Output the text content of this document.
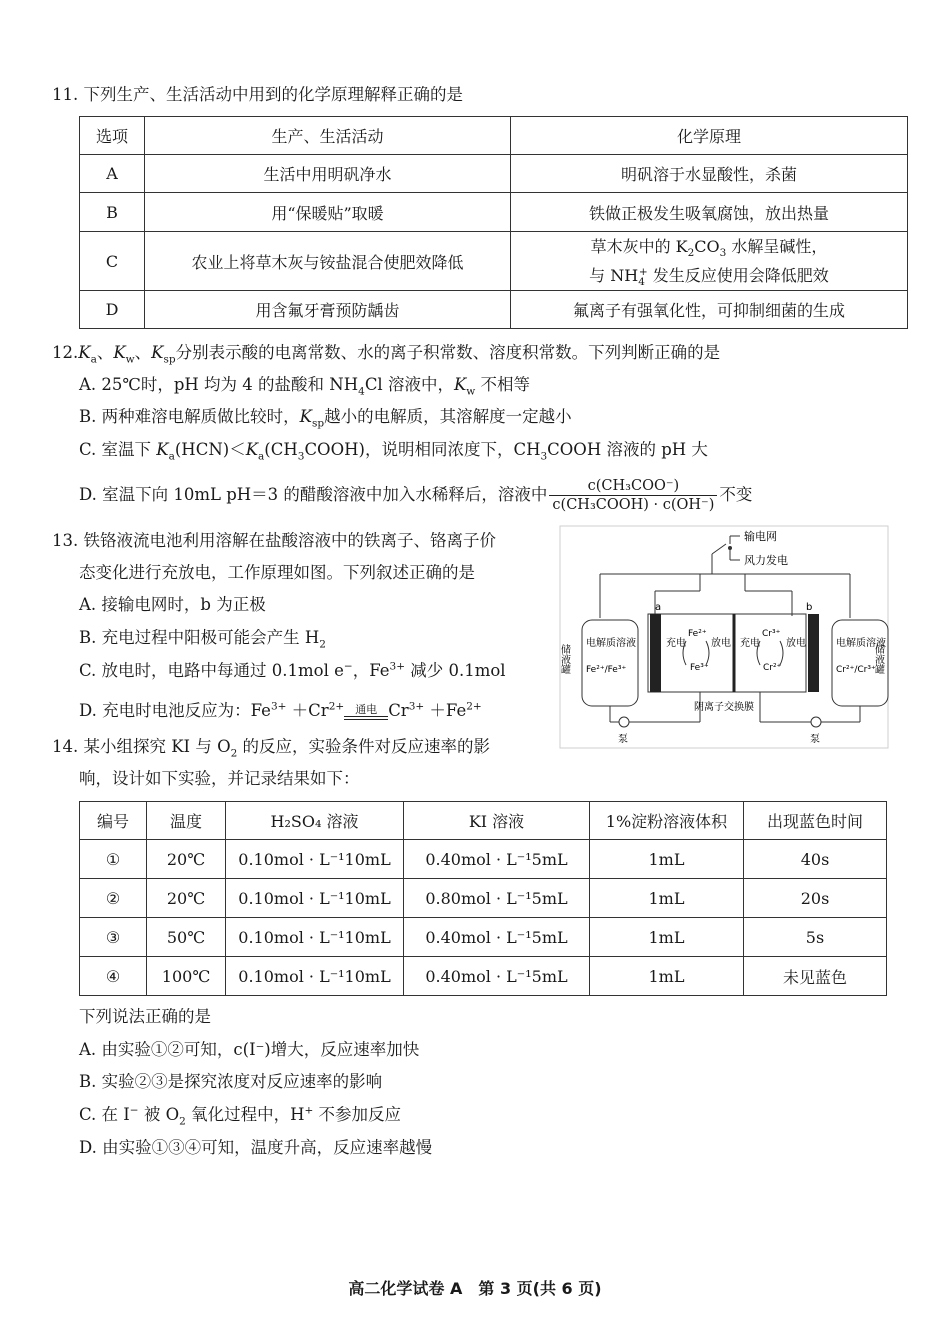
11. 下列生产、生活活动中用到的化学原理解释正确的是
选项	生产、生活活动	化学原理
A	生活中用明矾净水	明矾溶于水显酸性，杀菌
B	用“保暖贴”取暖	铁做正极发生吸氧腐蚀，放出热量
C	农业上将草木灰与铵盐混合使肥效降低	草木灰中的 $K_2CO_3$ 水解呈碱性，
与 $NH_4^+$ 发生反应使用会降低肥效
D	用含氟牙膏预防龋齿	氟离子有强氧化性，可抑制细菌的生成
$12.K_a$、$K_w$、$K_{sp}$分别表示酸的电离常数、水的离子积常数、溶度积常数。下列判断正确的是
A. 25℃时，pH 均为 4 的盐酸和 $NH_4Cl$ 溶液中，$K_w$ 不相等
B. 两种难溶电解质做比较时，$K_{sp}$越小的电解质，其溶解度一定越小
C. 室温下 $K_a(HCN)<K_a(CH_3COOH)$，说明相同浓度下，$CH_3COOH$ 溶液的 pH 大
D. 室温下向 10mL pH＝3 的醋酸溶液中加入水稀释后，溶液中 $\frac{\text{c(CH₃COO⁻)}}{\text{c(CH₃COOH) · c(OH⁻)}}$ 不变
13. 铁铬液流电池利用溶解在盐酸溶液中的铁离子、铬离子价
态变化进行充放电，工作原理如图。下列叙述正确的是
A. 接输电网时，b 为正极
B. 充电过程中阳极可能会产生 $H_2$
C. 放电时，电路中每通过 0.1mol e−，$Fe^{3+}$ 减少 0.1mol
D. 充电时电池反应为：$Fe^{3+} +Cr^{2+}$	通电 $Cr^{3+} +Fe^{2+}$
输电网
风力发电
a	b
充电
Fe²⁺
Fe³⁺
放电 充电
Cr³⁺
Cr²⁺
放电
电解质溶液
Fe²⁺/Fe³⁺
电解质溶液
Cr²⁺/Cr³⁺
储液罐	储液罐
泵	泵
阴离子交换膜
14. 某小组探究 KI 与 $O_2$ 的反应，实验条件对反应速率的影
响，设计如下实验，并记录结果如下：
编号	温度	H₂SO₄ 溶液	KI 溶液	1%淀粉溶液体积	出现蓝色时间
①	20℃	0.10mol · L⁻¹10mL	0.40mol · L⁻¹5mL	1mL	40s
②	20℃	0.10mol · L⁻¹10mL	0.80mol · L⁻¹5mL	1mL	20s
③	50℃	0.10mol · L⁻¹10mL	0.40mol · L⁻¹5mL	1mL	5s
④	100℃	0.10mol · L⁻¹10mL	0.40mol · L⁻¹5mL	1mL	未见蓝色
下列说法正确的是
A. 由实验①②可知，c(I⁻)增大，反应速率加快
B. 实验②③是探究浓度对反应速率的影响
C. 在 I− 被 $O_2$ 氧化过程中，H+ 不参加反应
D. 由实验①③④可知，温度升高，反应速率越慢
高二化学试卷 A　第 3 页(共 6 页)
